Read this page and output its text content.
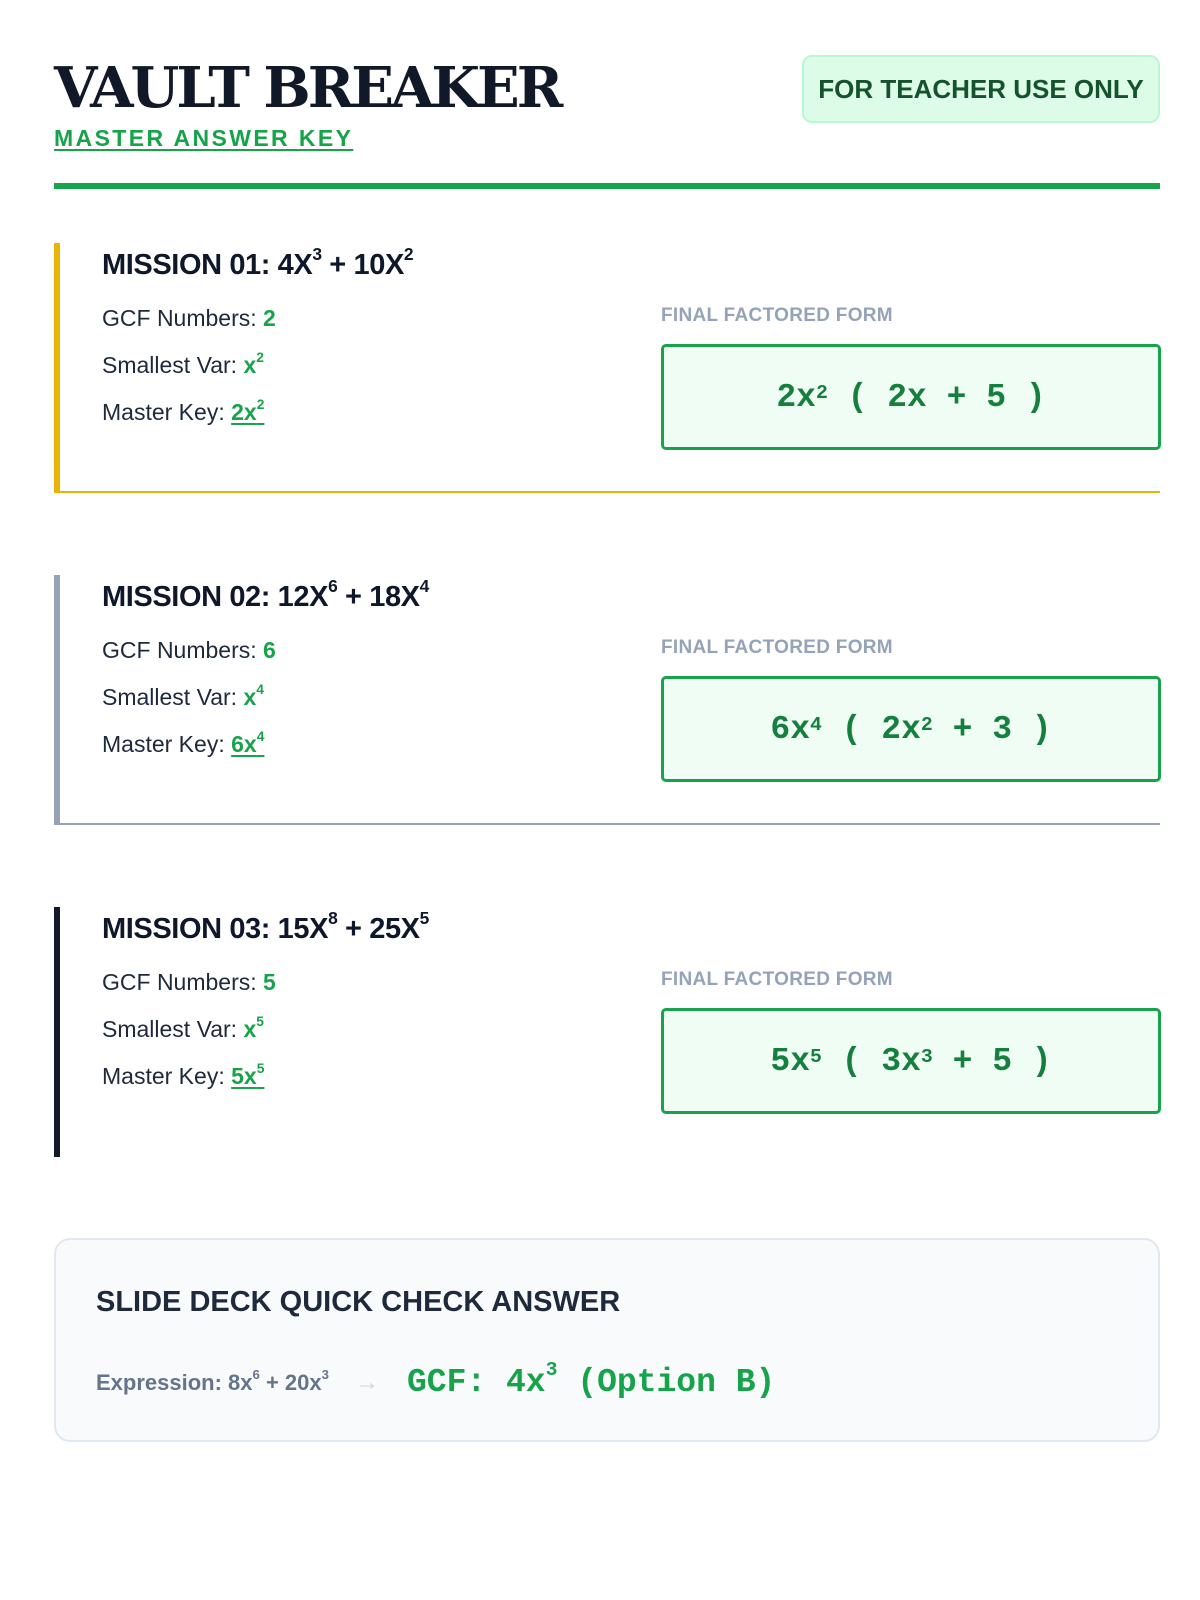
VAULT BREAKER
MASTER ANSWER KEY
FOR TEACHER USE ONLY
MISSION 01: $4X^3 + 10X^2$
GCF Numbers: 2
Smallest Var: $x^2$
Master Key: $2x^2$
FINAL FACTORED FORM
$2x^2$ ( 2x + 5 )
MISSION 02: $12X^6 + 18X^4$
GCF Numbers: 6
Smallest Var: $x^4$
Master Key: $6x^4$
FINAL FACTORED FORM
$6x^4$ ( $2x^2 + 3$ )
MISSION 03: $15X^8 + 25X^5$
GCF Numbers: 5
Smallest Var: $x^5$
Master Key: $5x^5$
FINAL FACTORED FORM
$5x^5$ ( $3x^3 + 5$ )
SLIDE DECK QUICK CHECK ANSWER
Expression: $8x^6 + 20x^3$ → GCF: $4x^3$ (Option B)
